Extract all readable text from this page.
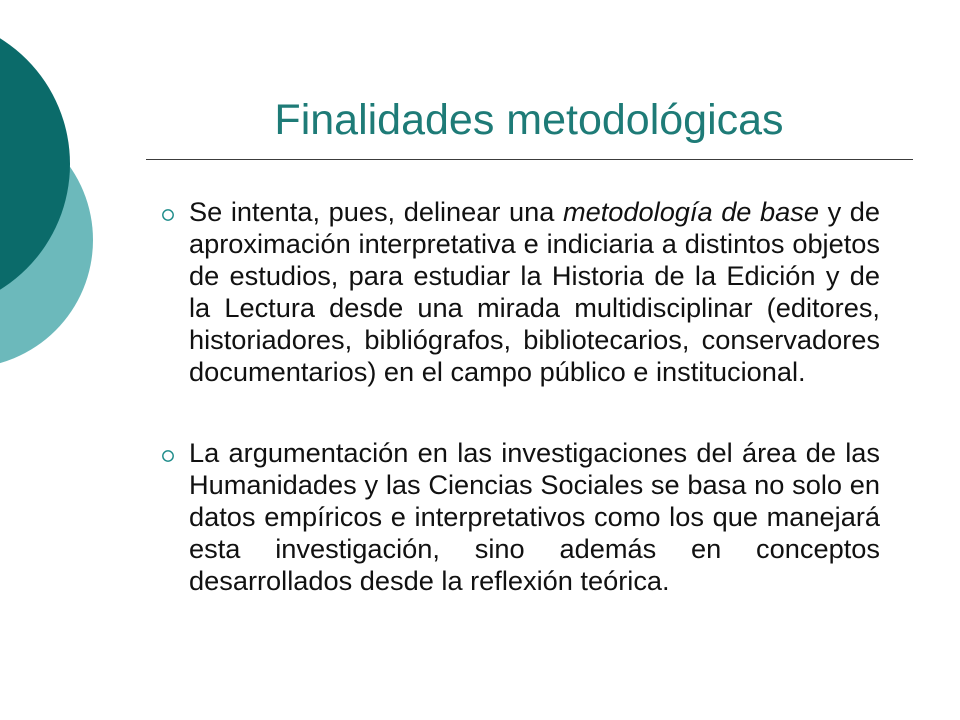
Finalidades metodológicas
Se intenta, pues, delinear una metodología de base y de aproximación interpretativa e indiciaria a distintos objetos de estudios, para estudiar la Historia de la Edición y de la Lectura desde una mirada multidisciplinar (editores, historiadores, bibliógrafos, bibliotecarios, conservadores documentarios) en el campo público e institucional.
La argumentación en las investigaciones del área de las Humanidades y las Ciencias Sociales se basa no solo en datos empíricos e interpretativos como los que manejará esta investigación, sino además en conceptos desarrollados desde la reflexión teórica.
